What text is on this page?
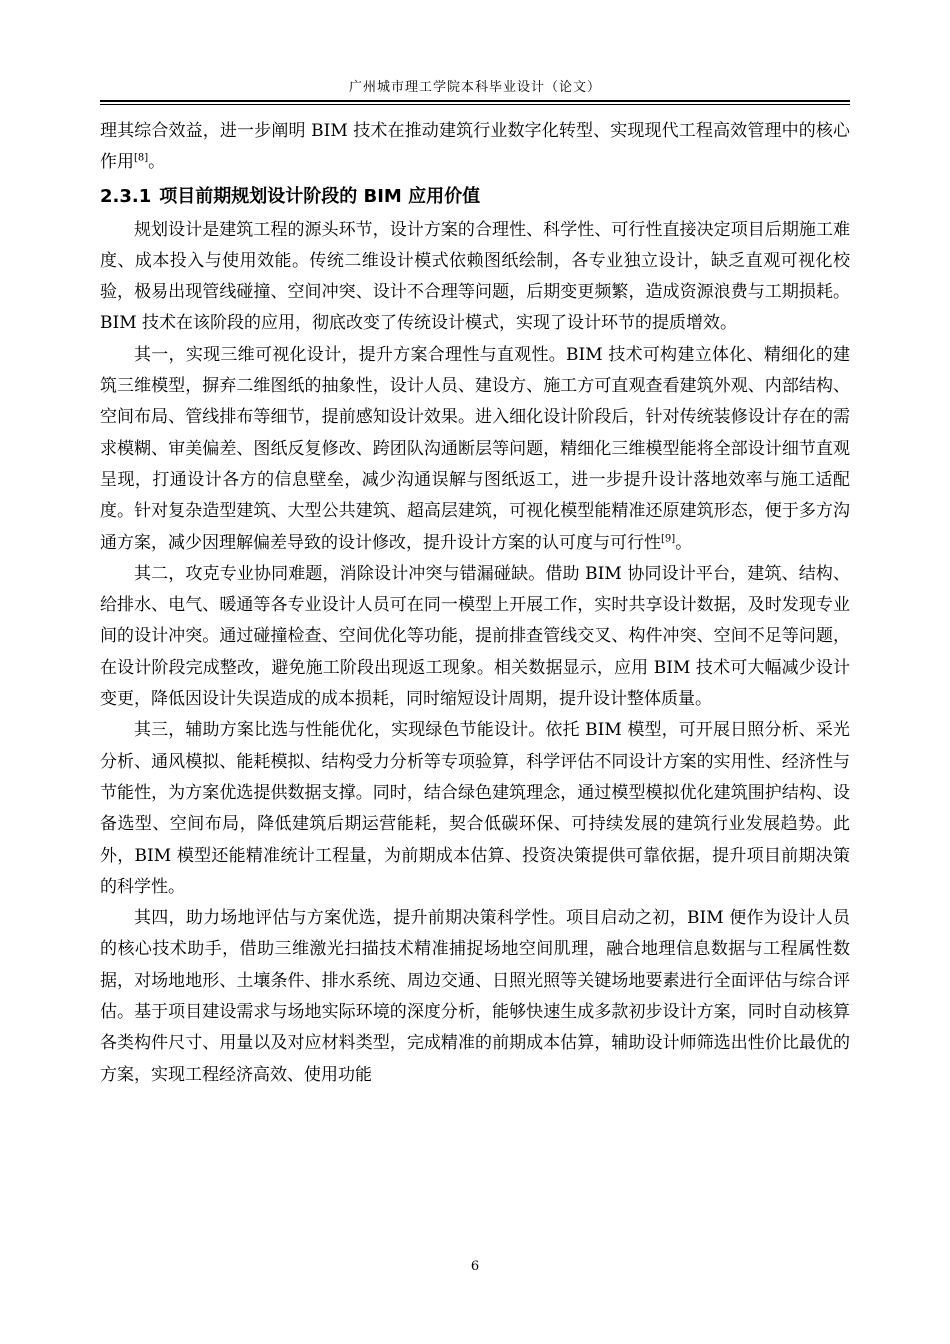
广州城市理工学院本科毕业设计（论文）

理其综合效益，进一步阐明 BIM 技术在推动建筑行业数字化转型、实现现代工程高效管理中的核心作用[8]。

2.3.1 项目前期规划设计阶段的 BIM 应用价值

规划设计是建筑工程的源头环节，设计方案的合理性、科学性、可行性直接决定项目后期施工难度、成本投入与使用效能。传统二维设计模式依赖图纸绘制，各专业独立设计，缺乏直观可视化校验，极易出现管线碰撞、空间冲突、设计不合理等问题，后期变更频繁，造成资源浪费与工期损耗。BIM 技术在该阶段的应用，彻底改变了传统设计模式，实现了设计环节的提质增效。

其一，实现三维可视化设计，提升方案合理性与直观性。BIM 技术可构建立体化、精细化的建筑三维模型，摒弃二维图纸的抽象性，设计人员、建设方、施工方可直观查看建筑外观、内部结构、空间布局、管线排布等细节，提前感知设计效果。进入细化设计阶段后，针对传统装修设计存在的需求模糊、审美偏差、图纸反复修改、跨团队沟通断层等问题，精细化三维模型能将全部设计细节直观呈现，打通设计各方的信息壁垒，减少沟通误解与图纸返工，进一步提升设计落地效率与施工适配度。针对复杂造型建筑、大型公共建筑、超高层建筑，可视化模型能精准还原建筑形态，便于多方沟通方案，减少因理解偏差导致的设计修改，提升设计方案的认可度与可行性[9]。

其二，攻克专业协同难题，消除设计冲突与错漏碰缺。借助 BIM 协同设计平台，建筑、结构、给排水、电气、暖通等各专业设计人员可在同一模型上开展工作，实时共享设计数据，及时发现专业间的设计冲突。通过碰撞检查、空间优化等功能，提前排查管线交叉、构件冲突、空间不足等问题，在设计阶段完成整改，避免施工阶段出现返工现象。相关数据显示，应用 BIM 技术可大幅减少设计变更，降低因设计失误造成的成本损耗，同时缩短设计周期，提升设计整体质量。

其三，辅助方案比选与性能优化，实现绿色节能设计。依托 BIM 模型，可开展日照分析、采光分析、通风模拟、能耗模拟、结构受力分析等专项验算，科学评估不同设计方案的实用性、经济性与节能性，为方案优选提供数据支撑。同时，结合绿色建筑理念，通过模型模拟优化建筑围护结构、设备选型、空间布局，降低建筑后期运营能耗，契合低碳环保、可持续发展的建筑行业发展趋势。此外，BIM 模型还能精准统计工程量，为前期成本估算、投资决策提供可靠依据，提升项目前期决策的科学性。

其四，助力场地评估与方案优选，提升前期决策科学性。项目启动之初，BIM 便作为设计人员的核心技术助手，借助三维激光扫描技术精准捕捉场地空间肌理，融合地理信息数据与工程属性数据，对场地地形、土壤条件、排水系统、周边交通、日照光照等关键场地要素进行全面评估与综合评估。基于项目建设需求与场地实际环境的深度分析，能够快速生成多款初步设计方案，同时自动核算各类构件尺寸、用量以及对应材料类型，完成精准的前期成本估算，辅助设计师筛选出性价比最优的方案，实现工程经济高效、使用功能

6
